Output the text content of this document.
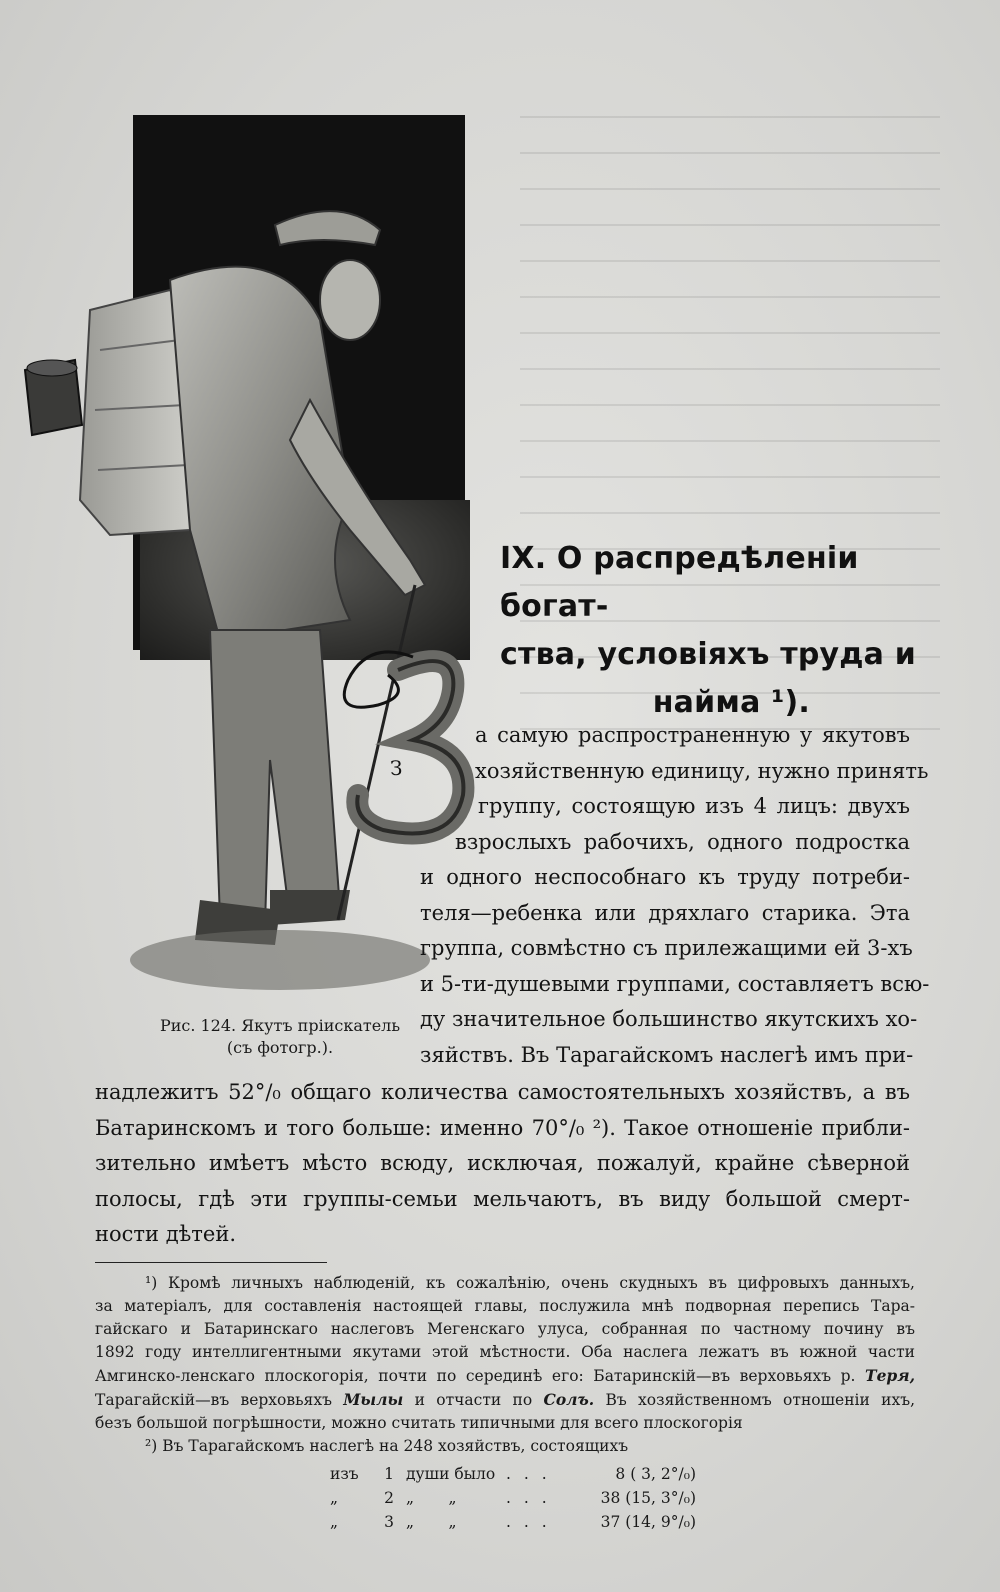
IX. О распредѣленіи богат-
ства, условіяхъ труда и
найма ¹).
З
а самую распространенную у якутовъ
хозяйственную единицу, нужно принять
группу, состоящую изъ 4 лицъ: двухъ
взрослыхъ рабочихъ, одного подростка
и одного неспособнаго къ труду потреби-
теля—ребенка или дряхлаго старика. Эта
группа, совмѣстно съ прилежащими ей 3-хъ
и 5-ти-душевыми группами, составляетъ всю-
ду значительное большинство якутскихъ хо-
зяйствъ. Въ Тарагайскомъ наслегѣ имъ при-
Рис. 124. Якутъ пріискатель
(съ фотогр.).
надлежитъ 52°/₀ общаго количества самостоятельныхъ хозяйствъ, а въ
Батаринскомъ и того больше: именно 70°/₀ ²). Такое отношеніе прибли-
зительно имѣетъ мѣсто всюду, исключая, пожалуй, крайне сѣверной
полосы, гдѣ эти группы-семьи мельчаютъ, въ виду большой смерт-
ности дѣтей.
¹) Кромѣ личныхъ наблюденій, къ сожалѣнію, очень скудныхъ въ цифровыхъ данныхъ,
за матеріалъ, для составленія настоящей главы, послужила мнѣ подворная перепись Тара-
гайскаго и Батаринскаго наслеговъ Мегенскаго улуса, собранная по частному почину въ
1892 году интеллигентными якутами этой мѣстности. Оба наслега лежатъ въ южной части
Амгинско-ленскаго плоскогорія, почти по серединѣ его: Батаринскій—въ верховьяхъ р. Теря,
Тарагайскій—въ верховьяхъ Мылы и отчасти по Солъ. Въ хозяйственномъ отношеніи ихъ,
безъ большой погрѣшности, можно считать типичными для всего плоскогорія
²) Въ Тарагайскомъ наслегѣ на 248 хозяйствъ, состоящихъ
изъ	1 души было . . .	8 ( 3, 2°/₀)
„	2 „       „	. . .	38 (15, 3°/₀)
„	3 „       „	. . .	37 (14, 9°/₀)
